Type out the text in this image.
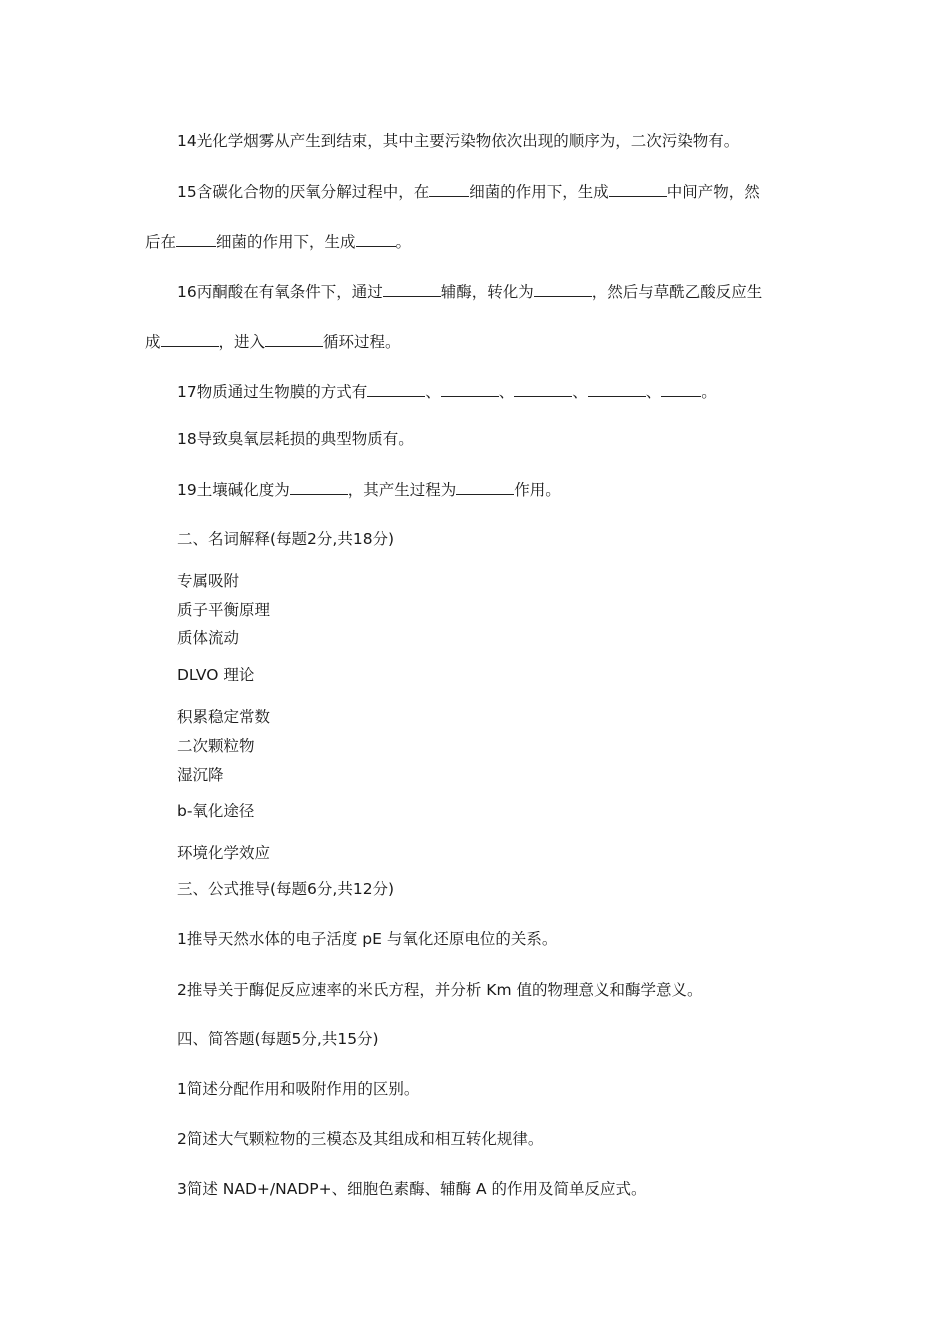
14光化学烟雾从产生到结束，其中主要污染物依次出现的顺序为，二次污染物有。
15含碳化合物的厌氧分解过程中，在	细菌的作用下，生成	中间产物，然
后在	细菌的作用下，生成	。
16丙酮酸在有氧条件下，通过	辅酶，转化为	，然后与草酰乙酸反应生
成	，进入	循环过程。
17物质通过生物膜的方式有	、	、	、	、	。
18导致臭氧层耗损的典型物质有。
19土壤碱化度为	，其产生过程为	作用。
二、名词解释(每题2分,共18分)
专属吸附
质子平衡原理
质体流动
DLVO 理论
积累稳定常数
二次颗粒物
湿沉降
b-氧化途径
环境化学效应
三、公式推导(每题6分,共12分)
1推导天然水体的电子活度 pE 与氧化还原电位的关系。
2推导关于酶促反应速率的米氏方程，并分析 Km 值的物理意义和酶学意义。
四、简答题(每题5分,共15分)
1简述分配作用和吸附作用的区别。
2简述大气颗粒物的三模态及其组成和相互转化规律。
3简述 NAD+/NADP+、细胞色素酶、辅酶 A 的作用及简单反应式。
